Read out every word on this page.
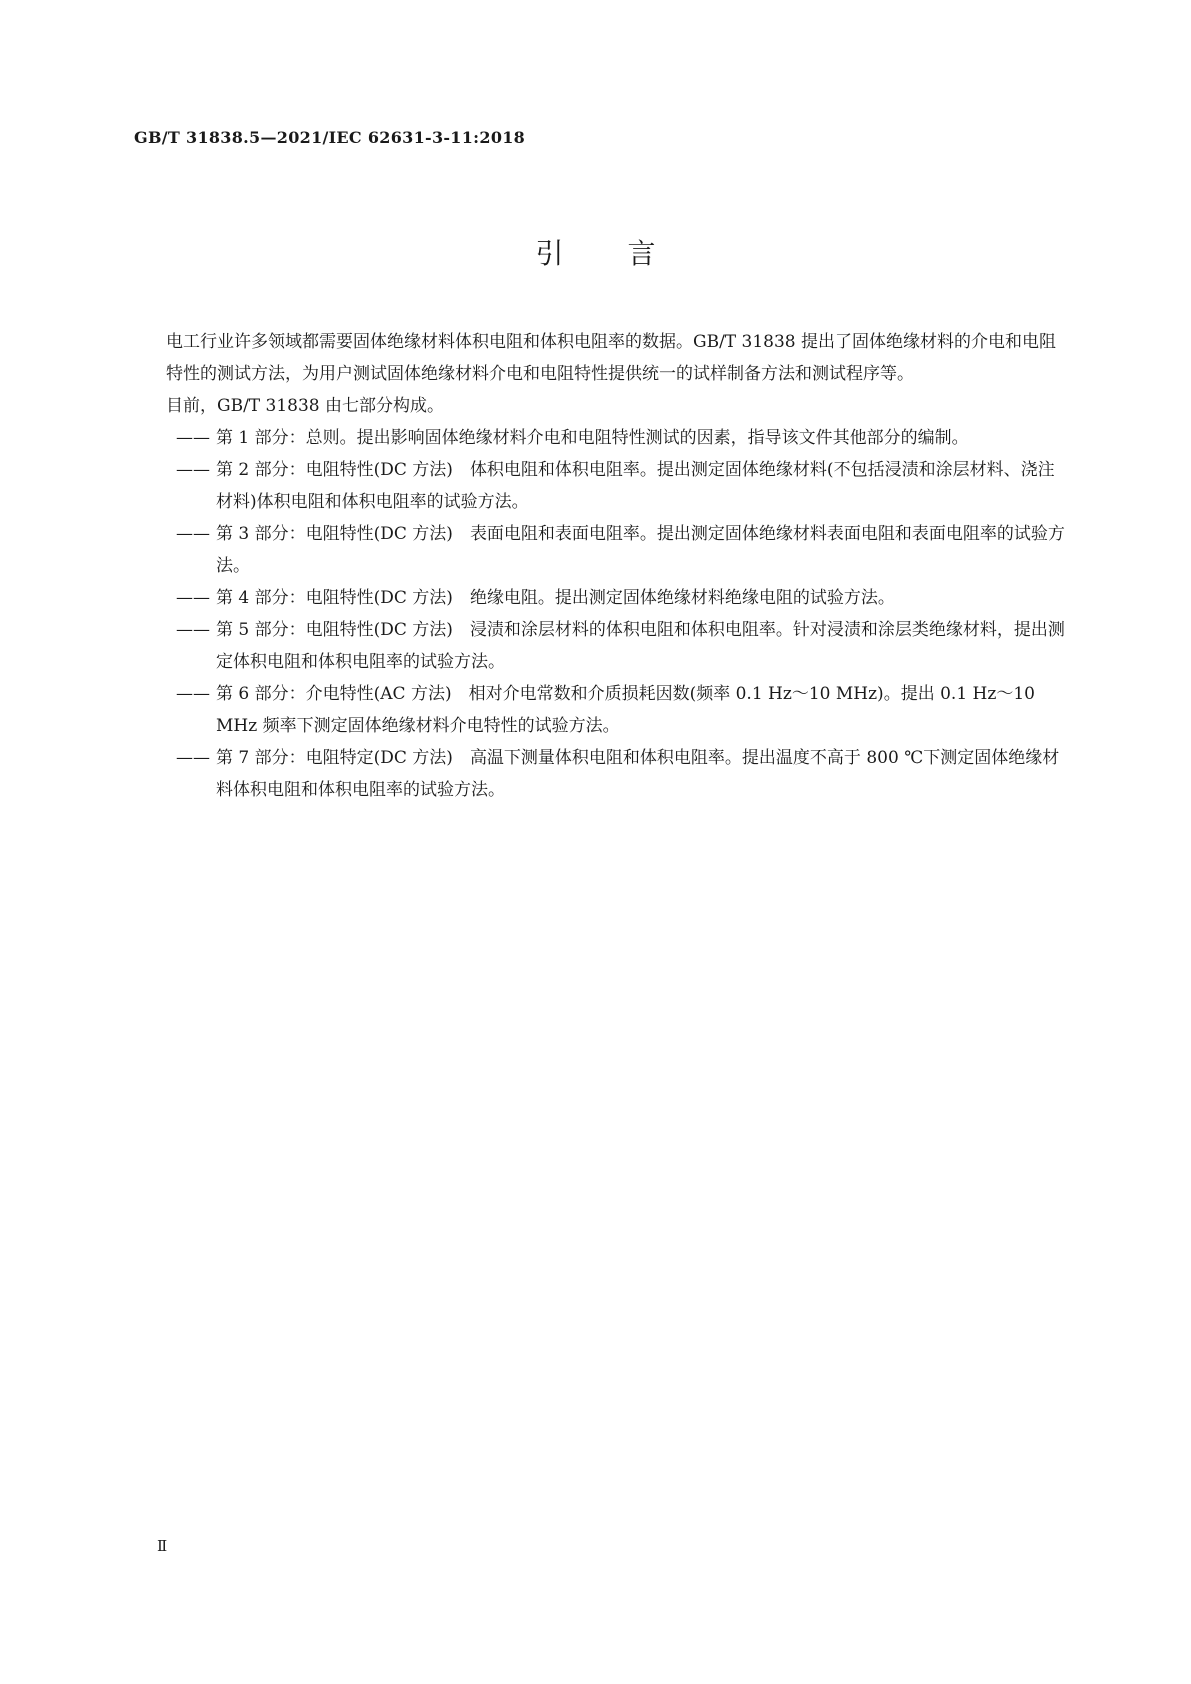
GB/T 31838.5—2021/IEC 62631-3-11:2018
引言

电工行业许多领域都需要固体绝缘材料体积电阻和体积电阻率的数据。GB/T 31838 提出了固体绝缘材料的介电和电阻特性的测试方法，为用户测试固体绝缘材料介电和电阻特性提供统一的试样制备方法和测试程序等。

目前，GB/T 31838 由七部分构成。

—— 第 1 部分：总则。提出影响固体绝缘材料介电和电阻特性测试的因素，指导该文件其他部分的编制。
—— 第 2 部分：电阻特性(DC 方法)　体积电阻和体积电阻率。提出测定固体绝缘材料(不包括浸渍和涂层材料、浇注材料)体积电阻和体积电阻率的试验方法。
—— 第 3 部分：电阻特性(DC 方法)　表面电阻和表面电阻率。提出测定固体绝缘材料表面电阻和表面电阻率的试验方法。
—— 第 4 部分：电阻特性(DC 方法)　绝缘电阻。提出测定固体绝缘材料绝缘电阻的试验方法。
—— 第 5 部分：电阻特性(DC 方法)　浸渍和涂层材料的体积电阻和体积电阻率。针对浸渍和涂层类绝缘材料，提出测定体积电阻和体积电阻率的试验方法。
—— 第 6 部分：介电特性(AC 方法)　相对介电常数和介质损耗因数(频率 0.1 Hz～10 MHz)。提出 0.1 Hz～10 MHz 频率下测定固体绝缘材料介电特性的试验方法。
—— 第 7 部分：电阻特定(DC 方法)　高温下测量体积电阻和体积电阻率。提出温度不高于 800 ℃下测定固体绝缘材料体积电阻和体积电阻率的试验方法。
Ⅱ
